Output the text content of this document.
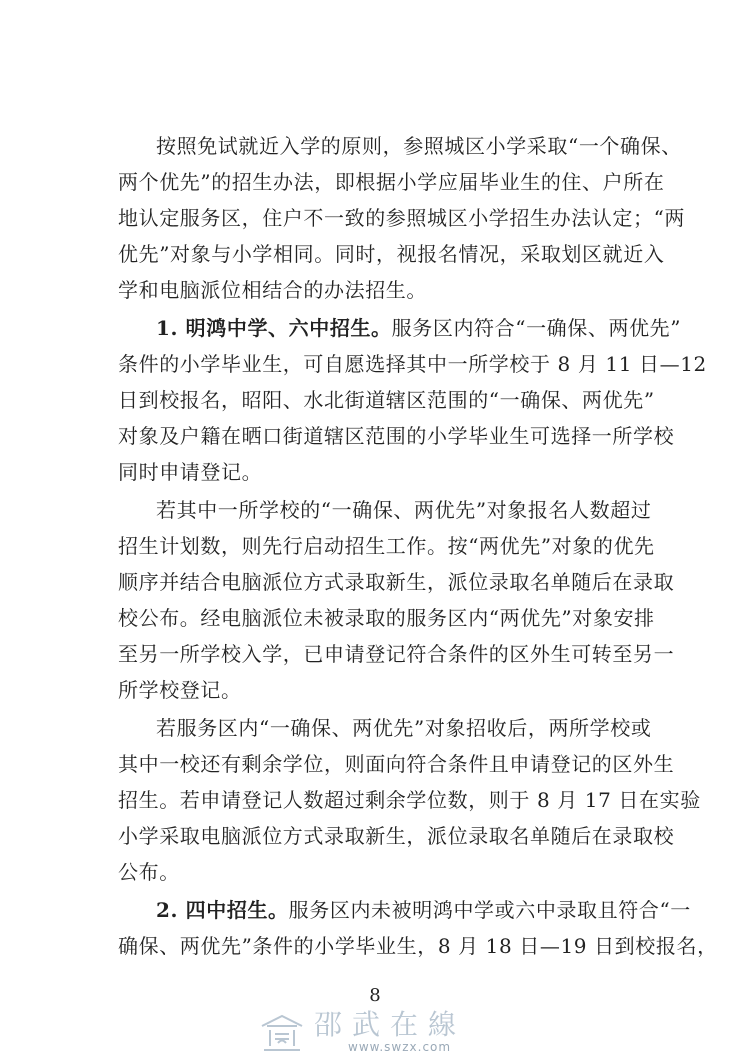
按照免试就近入学的原则，参照城区小学采取“一个确保、
两个优先”的招生办法，即根据小学应届毕业生的住、户所在
地认定服务区，住户不一致的参照城区小学招生办法认定；“两
优先”对象与小学相同。同时，视报名情况，采取划区就近入
学和电脑派位相结合的办法招生。
1. 明鸿中学、六中招生。服务区内符合“一确保、两优先”
条件的小学毕业生，可自愿选择其中一所学校于 8 月 11 日—12
日到校报名，昭阳、水北街道辖区范围的“一确保、两优先”
对象及户籍在晒口街道辖区范围的小学毕业生可选择一所学校
同时申请登记。
若其中一所学校的“一确保、两优先”对象报名人数超过
招生计划数，则先行启动招生工作。按“两优先”对象的优先
顺序并结合电脑派位方式录取新生，派位录取名单随后在录取
校公布。经电脑派位未被录取的服务区内“两优先”对象安排
至另一所学校入学，已申请登记符合条件的区外生可转至另一
所学校登记。
若服务区内“一确保、两优先”对象招收后，两所学校或
其中一校还有剩余学位，则面向符合条件且申请登记的区外生
招生。若申请登记人数超过剩余学位数，则于 8 月 17 日在实验
小学采取电脑派位方式录取新生，派位录取名单随后在录取校
公布。
2. 四中招生。服务区内未被明鸿中学或六中录取且符合“一
确保、两优先”条件的小学毕业生，8 月 18 日—19 日到校报名，
8
邵武在線
www.swzx.com
